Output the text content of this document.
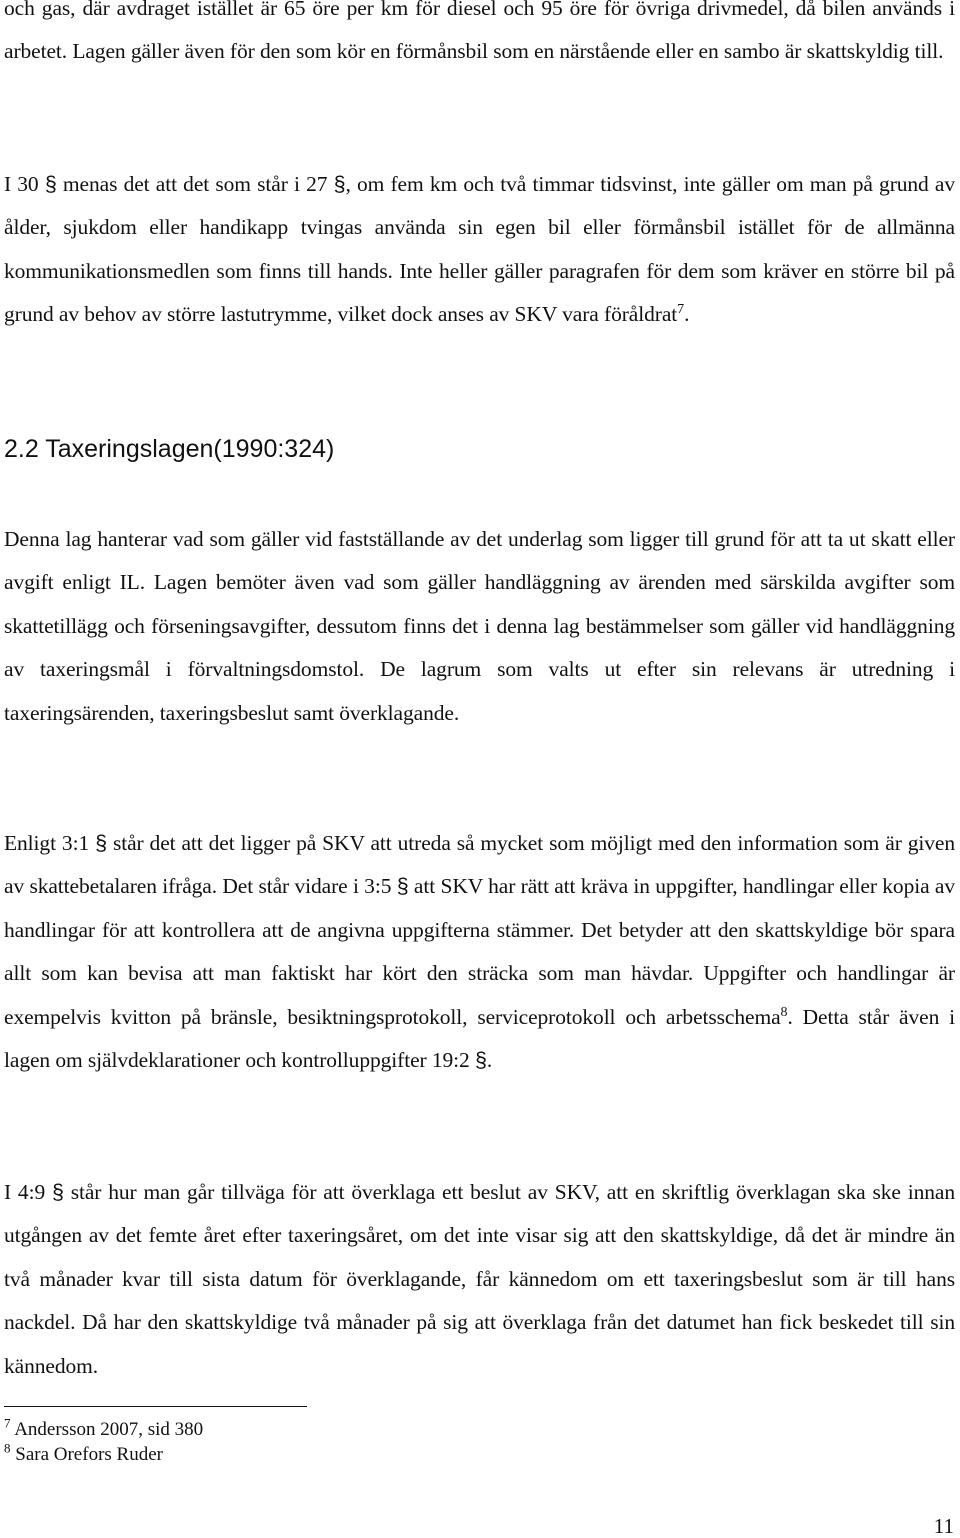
och gas, där avdraget istället är 65 öre per km för diesel och 95 öre för övriga drivmedel, då bilen används i arbetet. Lagen gäller även för den som kör en förmånsbil som en närstående eller en sambo är skattskyldig till.

I 30 § menas det att det som står i 27 §, om fem km och två timmar tidsvinst, inte gäller om man på grund av ålder, sjukdom eller handikapp tvingas använda sin egen bil eller förmånsbil istället för de allmänna kommunikationsmedlen som finns till hands. Inte heller gäller paragrafen för dem som kräver en större bil på grund av behov av större lastutrymme, vilket dock anses av SKV vara föråldrat$^7$.

2.2 Taxeringslagen(1990:324)

Denna lag hanterar vad som gäller vid fastställande av det underlag som ligger till grund för att ta ut skatt eller avgift enligt IL. Lagen bemöter även vad som gäller handläggning av ärenden med särskilda avgifter som skattetillägg och förseningsavgifter, dessutom finns det i denna lag bestämmelser som gäller vid handläggning av taxeringsmål i förvaltningsdomstol. De lagrum som valts ut efter sin relevans är utredning i taxeringsärenden, taxeringsbeslut samt överklagande.

Enligt 3:1 § står det att det ligger på SKV att utreda så mycket som möjligt med den information som är given av skattebetalaren ifråga. Det står vidare i 3:5 § att SKV har rätt att kräva in uppgifter, handlingar eller kopia av handlingar för att kontrollera att de angivna uppgifterna stämmer. Det betyder att den skattskyldige bör spara allt som kan bevisa att man faktiskt har kört den sträcka som man hävdar. Uppgifter och handlingar är exempelvis kvitton på bränsle, besiktningsprotokoll, serviceprotokoll och arbetsschema$^8$. Detta står även i lagen om självdeklarationer och kontrolluppgifter 19:2 §.

I 4:9 § står hur man går tillväga för att överklaga ett beslut av SKV, att en skriftlig överklagan ska ske innan utgången av det femte året efter taxeringsåret, om det inte visar sig att den skattskyldige, då det är mindre än två månader kvar till sista datum för överklagande, får kännedom om ett taxeringsbeslut som är till hans nackdel. Då har den skattskyldige två månader på sig att överklaga från det datumet han fick beskedet till sin kännedom.

$^7$ Andersson 2007, sid 380

$^8$ Sara Orefors Ruder

11
